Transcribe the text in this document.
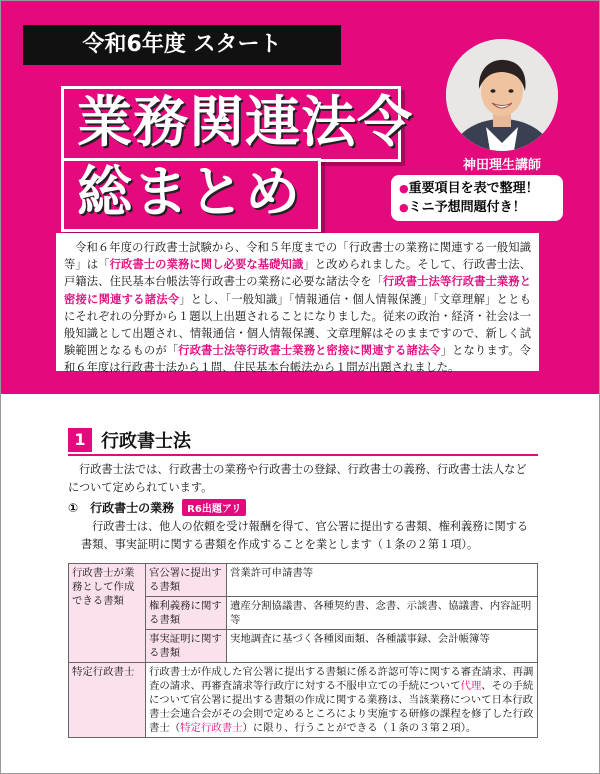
令和6年度 スタート
業務関連法令
総まとめ	神田理生講師
●重要項目を表で整理！
●ミニ予想問題付き！
令和６年度の行政書士試験から、令和５年度までの「行政書士の業務に関連する一般知識等」は「行政書士の業務に関し必要な基礎知識」と改められました。そして、行政書士法、戸籍法、住民基本台帳法等行政書士の業務に必要な諸法令を「行政書士法等行政書士業務と密接に関連する諸法令」とし、「一般知識」「情報通信・個人情報保護」「文章理解」とともにそれぞれの分野から１題以上出題されることになりました。従来の政治・経済・社会は一般知識として出題され、情報通信・個人情報保護、文章理解はそのままですので、新しく試験範囲となるものが「行政書士法等行政書士業務と密接に関連する諸法令」となります。令和６年度は行政書士法から１問、住民基本台帳法から１問が出題されました。
1 行政書士法
行政書士法では、行政書士の業務や行政書士の登録、行政書士の義務、行政書士法人などについて定められています。
①　行政書士の業務 R6出題アリ
行政書士は、他人の依頼を受け報酬を得て、官公署に提出する書類、権利義務に関する書類、事実証明に関する書類を作成することを業とします（１条の２第１項）。
行政書士が業務として作成できる書類	官公署に提出する書類	営業許可申請書等
	権利義務に関する書類	遺産分割協議書、各種契約書、念書、示談書、協議書、内容証明等
	事実証明に関する書類	実地調査に基づく各種図面類、各種議事録、会計帳簿等
特定行政書士	行政書士が作成した官公署に提出する書類に係る許認可等に関する審査請求、再調査の請求、再審査請求等行政庁に対する不服申立ての手続について代理、その手続について官公署に提出する書類の作成に関する業務は、当該業務について日本行政書士会連合会がその会則で定めるところにより実施する研修の課程を修了した行政書士（特定行政書士）に限り、行うことができる（１条の３第２項）。	
